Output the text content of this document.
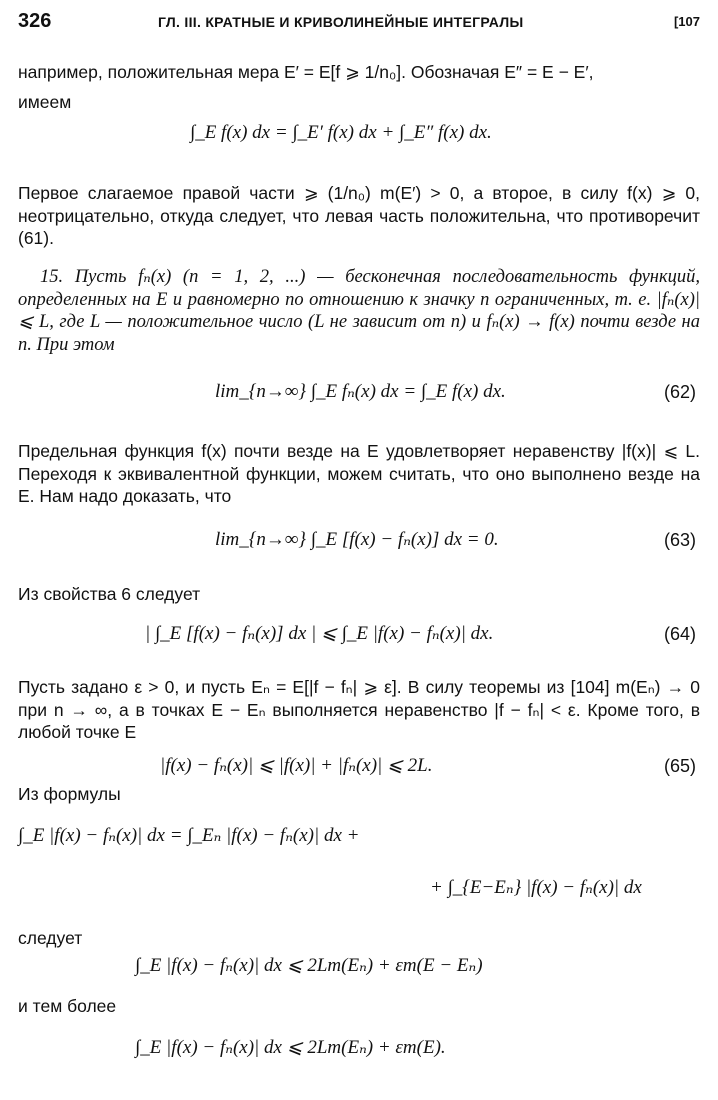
326	ГЛ. III. КРАТНЫЕ И КРИВОЛИНЕЙНЫЕ ИНТЕГРАЛЫ	[107
например, положительная мера E′ = E[f ⩾ 1/n₀]. Обозначая E″ = E − E′,
имеем
∫_E f(x) dx = ∫_E′ f(x) dx + ∫_E″ f(x) dx.
Первое слагаемое правой части ⩾ (1/n₀) m(E′) > 0, а второе, в силу f(x) ⩾ 0, неотрицательно, откуда следует, что левая часть положительна, что противоречит (61).
15. Пусть fₙ(x) (n = 1, 2, ...) — бесконечная последовательность функций, определенных на E и равномерно по отношению к значку n ограниченных, т. е. |fₙ(x)| ⩽ L, где L — положительное число (L не зависит от n) и fₙ(x) → f(x) почти везде на n. При этом
lim_{n→∞} ∫_E fₙ(x) dx = ∫_E f(x) dx.	(62)
Предельная функция f(x) почти везде на E удовлетворяет неравенству |f(x)| ⩽ L. Переходя к эквивалентной функции, можем считать, что оно выполнено везде на E. Нам надо доказать, что
lim_{n→∞} ∫_E [f(x) − fₙ(x)] dx = 0.	(63)
Из свойства 6 следует
| ∫_E [f(x) − fₙ(x)] dx | ⩽ ∫_E |f(x) − fₙ(x)| dx.	(64)
Пусть задано ε > 0, и пусть Eₙ = E[|f − fₙ| ⩾ ε]. В силу теоремы из [104] m(Eₙ) → 0 при n → ∞, а в точках E − Eₙ выполняется неравенство |f − fₙ| < ε. Кроме того, в любой точке E
|f(x) − fₙ(x)| ⩽ |f(x)| + |fₙ(x)| ⩽ 2L.	(65)
Из формулы
∫_E |f(x) − fₙ(x)| dx = ∫_Eₙ |f(x) − fₙ(x)| dx +
+ ∫_{E−Eₙ} |f(x) − fₙ(x)| dx
следует
∫_E |f(x) − fₙ(x)| dx ⩽ 2Lm(Eₙ) + εm(E − Eₙ)
и тем более
∫_E |f(x) − fₙ(x)| dx ⩽ 2Lm(Eₙ) + εm(E).
